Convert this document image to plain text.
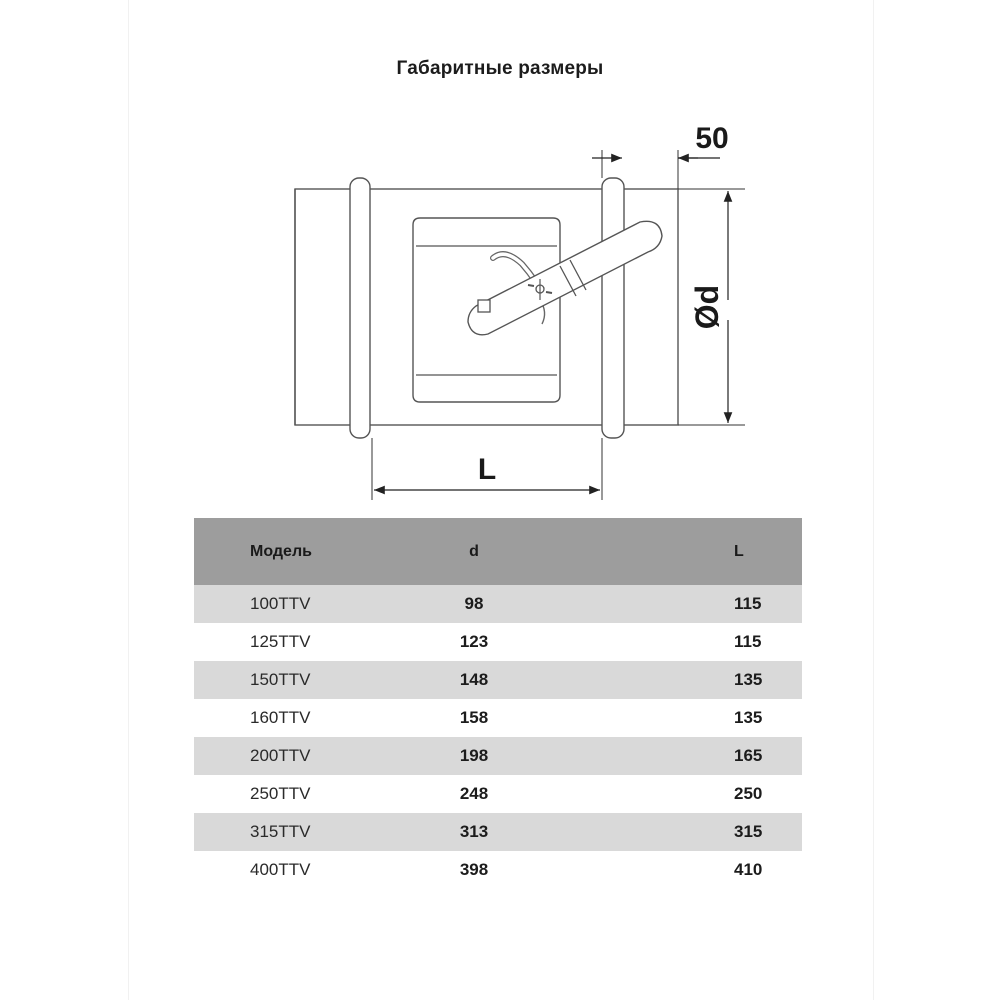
Габаритные размеры
50
Ød
L
Модель	d	L
100TTV	98	115
125TTV	123	115
150TTV	148	135
160TTV	158	135
200TTV	198	165
250TTV	248	250
315TTV	313	315
400TTV	398	410
